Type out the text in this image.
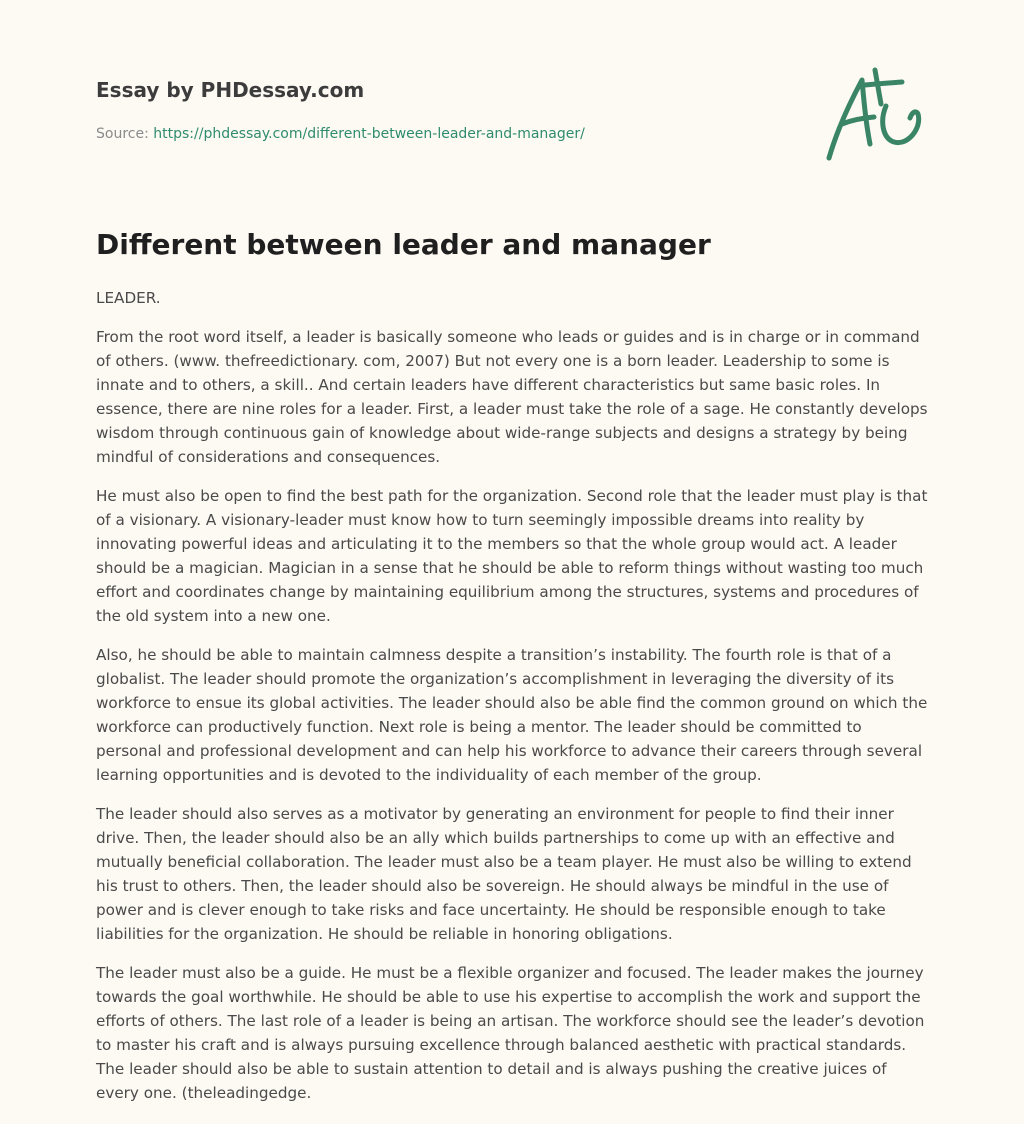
Essay by PHDessay.com
Source: https://phdessay.com/different-between-leader-and-manager/
Different between leader and manager

LEADER.

From the root word itself, a leader is basically someone who leads or guides and is in charge or in command of others. (www. thefreedictionary. com, 2007) But not every one is a born leader. Leadership to some is innate and to others, a skill.. And certain leaders have different characteristics but same basic roles. In essence, there are nine roles for a leader. First, a leader must take the role of a sage. He constantly develops wisdom through continuous gain of knowledge about wide-range subjects and designs a strategy by being mindful of considerations and consequences.

He must also be open to find the best path for the organization. Second role that the leader must play is that of a visionary. A visionary-leader must know how to turn seemingly impossible dreams into reality by innovating powerful ideas and articulating it to the members so that the whole group would act. A leader should be a magician. Magician in a sense that he should be able to reform things without wasting too much effort and coordinates change by maintaining equilibrium among the structures, systems and procedures of the old system into a new one.

Also, he should be able to maintain calmness despite a transition’s instability. The fourth role is that of a globalist. The leader should promote the organization’s accomplishment in leveraging the diversity of its workforce to ensue its global activities. The leader should also be able find the common ground on which the workforce can productively function. Next role is being a mentor. The leader should be committed to personal and professional development and can help his workforce to advance their careers through several learning opportunities and is devoted to the individuality of each member of the group.

The leader should also serves as a motivator by generating an environment for people to find their inner drive. Then, the leader should also be an ally which builds partnerships to come up with an effective and mutually beneficial collaboration. The leader must also be a team player. He must also be willing to extend his trust to others. Then, the leader should also be sovereign. He should always be mindful in the use of power and is clever enough to take risks and face uncertainty. He should be responsible enough to take liabilities for the organization. He should be reliable in honoring obligations.

The leader must also be a guide. He must be a flexible organizer and focused. The leader makes the journey towards the goal worthwhile. He should be able to use his expertise to accomplish the work and support the efforts of others. The last role of a leader is being an artisan. The workforce should see the leader’s devotion to master his craft and is always pursuing excellence through balanced aesthetic with practical standards. The leader should also be able to sustain attention to detail and is always pushing the creative juices of every one. (theleadingedge.
